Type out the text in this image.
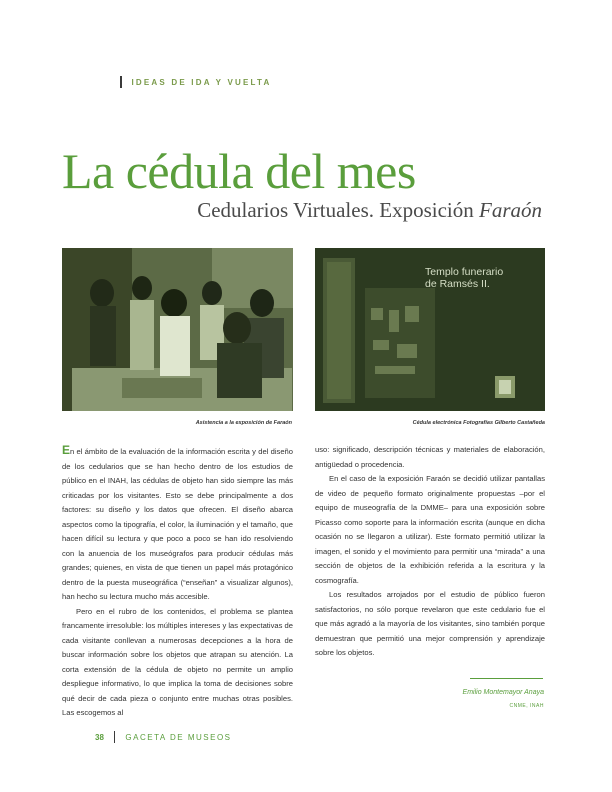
IDEAS DE IDA Y VUELTA
La cédula del mes
Cedularios Virtuales. Exposición Faraón
Templo funerario
de Ramsés II.
Asistencia a la exposición de Faraón	Cédula electrónica Fotografías Gilberto Castañeda

En el ámbito de la evaluación de la información escrita y del diseño de los cedularios que se han hecho dentro de los estudios de público en el INAH, las cédulas de objeto han sido siempre las más criticadas por los visitantes. Esto se debe principalmente a dos factores: su diseño y los datos que ofrecen. El diseño abarca aspectos como la tipografía, el color, la iluminación y el tamaño, que hacen difícil su lectura y que poco a poco se han ido resolviendo con la anuencia de los museógrafos para producir cédulas más grandes; quienes, en vista de que tienen un papel más protagónico dentro de la puesta museográfica (“enseñan” a visualizar algunos), han hecho su lectura mucho más accesible.

Pero en el rubro de los contenidos, el problema se plantea francamente irresoluble: los múltiples intereses y las expectativas de cada visitante conllevan a numerosas decepciones a la hora de buscar información sobre los objetos que atrapan su atención. La corta extensión de la cédula de objeto no permite un amplio despliegue informativo, lo que implica la toma de decisiones sobre qué decir de cada pieza o conjunto entre muchas otras posibles. Las escogemos al

uso: significado, descripción técnicas y materiales de elaboración, antigüedad o procedencia.

En el caso de la exposición Faraón se decidió utilizar pantallas de video de pequeño formato originalmente propuestas –por el equipo de museografía de la DMME– para una exposición sobre Picasso como soporte para la información escrita (aunque en dicha ocasión no se llegaron a utilizar). Este formato permitió utilizar la imagen, el sonido y el movimiento para permitir una “mirada” a una sección de objetos de la exhibición referida a la escritura y la cosmografía.

Los resultados arrojados por el estudio de público fueron satisfactorios, no sólo porque revelaron que este cedulario fue el que más agradó a la mayoría de los visitantes, sino también porque demuestran que permitió una mejor comprensión y aprendizaje sobre los objetos.

Emilio Montemayor Anaya
CNME, INAH
38	GACETA DE MUSEOS
